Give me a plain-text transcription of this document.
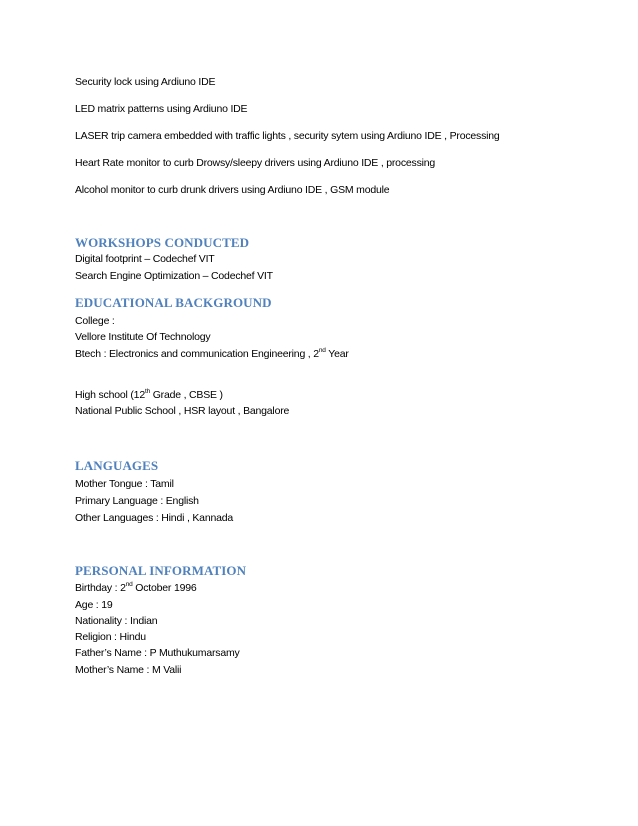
Security lock using Ardiuno IDE
LED matrix patterns using Ardiuno IDE
LASER trip camera embedded with traffic lights , security sytem using Ardiuno IDE , Processing
Heart Rate monitor to curb Drowsy/sleepy drivers using Ardiuno IDE , processing
Alcohol monitor to curb drunk drivers using Ardiuno IDE , GSM module
WORKSHOPS CONDUCTED
Digital footprint – Codechef VIT
Search Engine Optimization – Codechef VIT
EDUCATIONAL BACKGROUND
College :
Vellore Institute Of Technology
Btech : Electronics and communication Engineering , 2nd Year
High school (12th Grade , CBSE )
National Public School , HSR layout , Bangalore
LANGUAGES
Mother Tongue : Tamil
Primary Language : English
Other Languages : Hindi , Kannada
PERSONAL INFORMATION
Birthday : 2nd October 1996
Age : 19
Nationality : Indian
Religion : Hindu
Father’s Name : P Muthukumarsamy
Mother’s Name : M Valii
